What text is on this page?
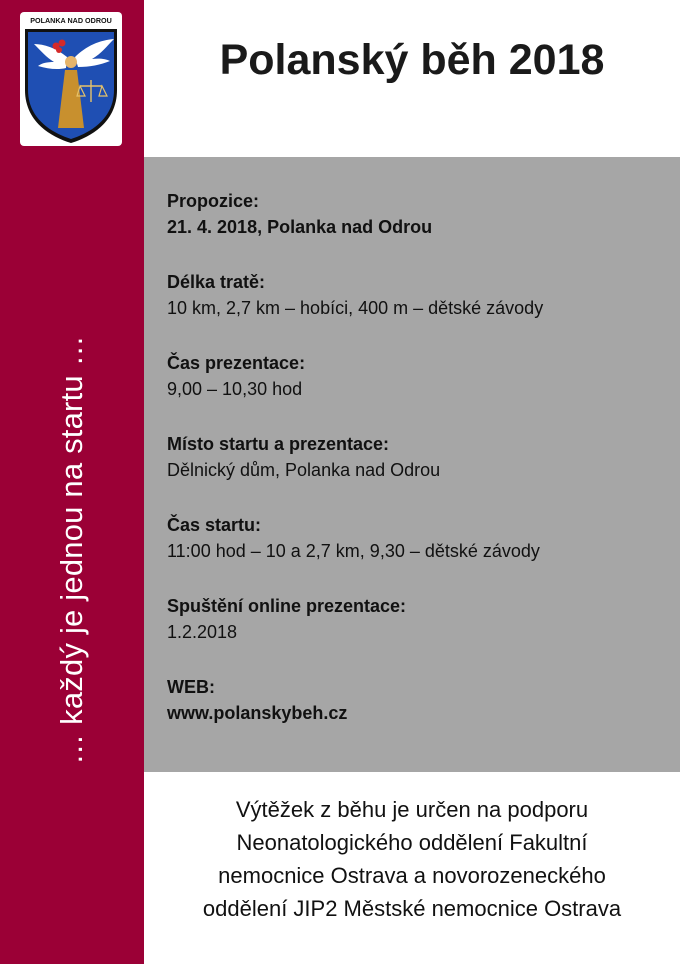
POLANKA NAD ODROU
… každý je jednou na startu …
Polanský běh 2018
Propozice:
21. 4. 2018, Polanka nad Odrou
Délka tratě:
10 km, 2,7 km – hobíci, 400 m – dětské závody
Čas prezentace:
9,00 – 10,30 hod
Místo startu a prezentace:
Dělnický dům, Polanka nad Odrou
Čas startu:
11:00 hod – 10 a 2,7 km, 9,30 – dětské závody
Spuštění online prezentace:
1.2.2018
WEB:
www.polanskybeh.cz
Výtěžek z běhu je určen na podporu
Neonatologického oddělení Fakultní
nemocnice Ostrava a novorozeneckého
oddělení JIP2 Městské nemocnice Ostrava
